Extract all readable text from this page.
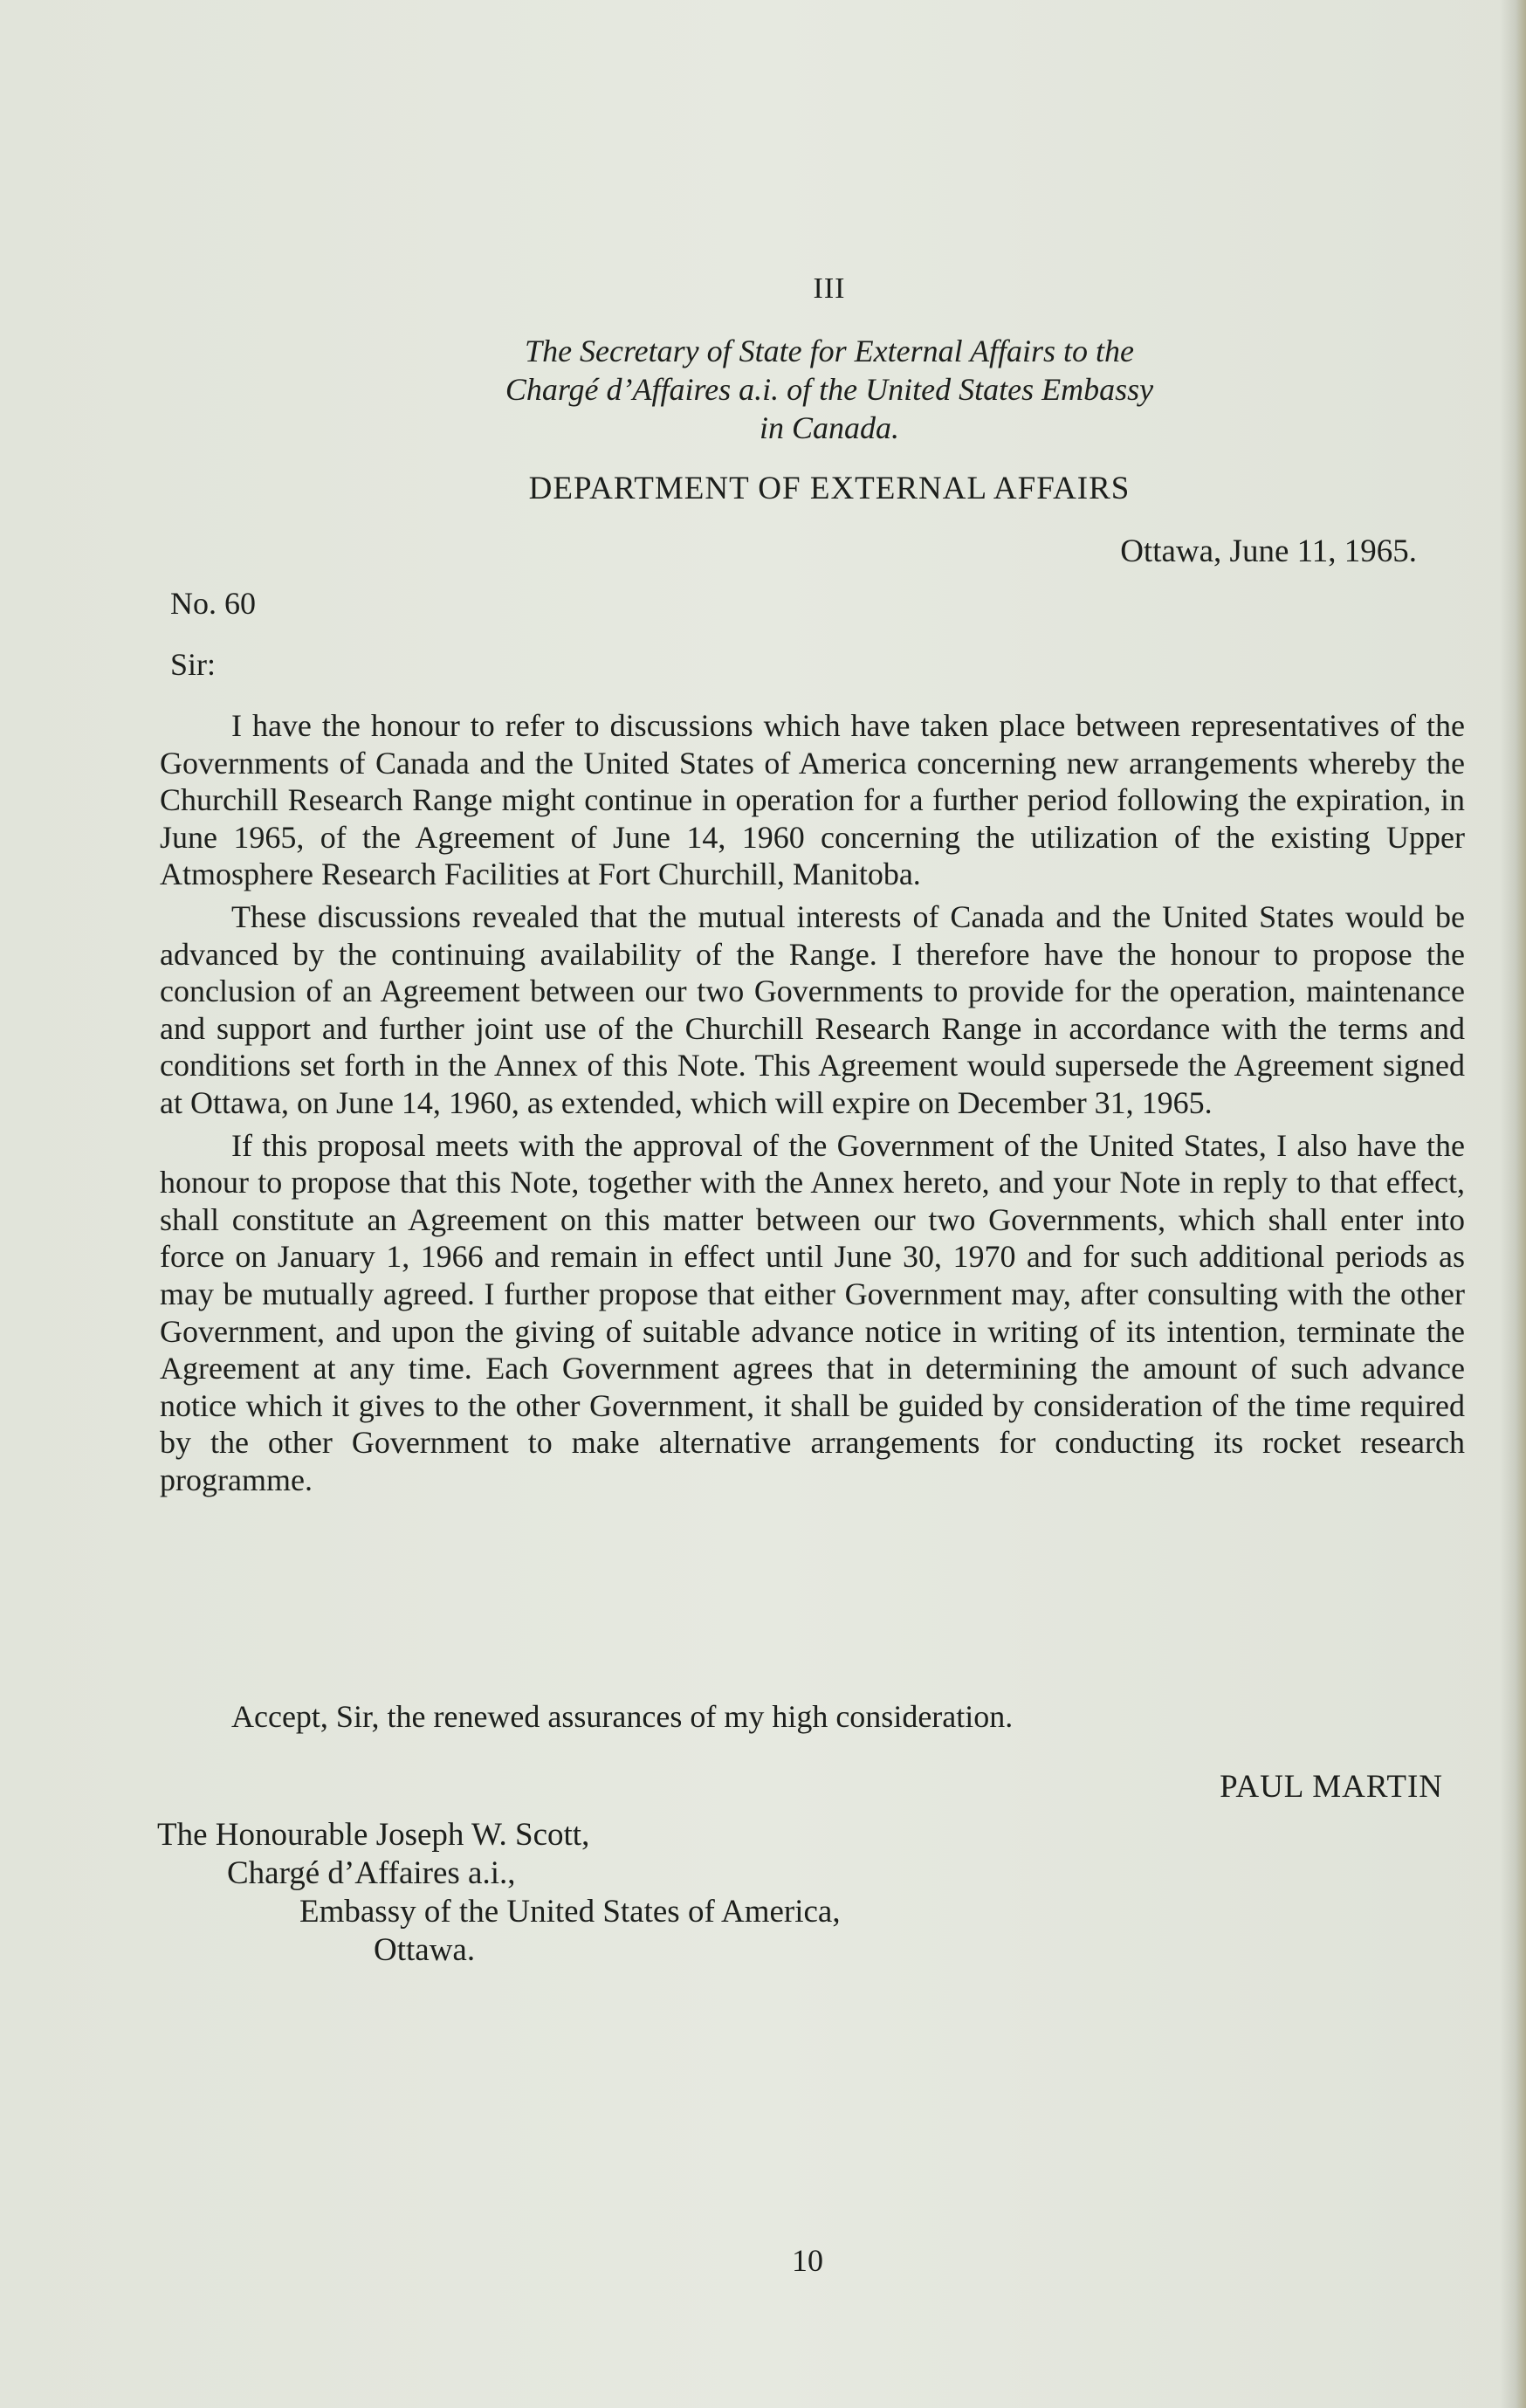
III
The Secretary of State for External Affairs to the
Chargé d’Affaires a.i. of the United States Embassy
in Canada.
DEPARTMENT OF EXTERNAL AFFAIRS
Ottawa, June 11, 1965.
No. 60
Sir:

I have the honour to refer to discussions which have taken place between representatives of the Governments of Canada and the United States of America concerning new arrangements whereby the Churchill Research Range might continue in operation for a further period following the expiration, in June 1965, of the Agreement of June 14, 1960 concerning the utilization of the existing Upper Atmosphere Research Facilities at Fort Churchill, Manitoba.

These discussions revealed that the mutual interests of Canada and the United States would be advanced by the continuing availability of the Range. I therefore have the honour to propose the conclusion of an Agreement between our two Governments to provide for the operation, maintenance and support and further joint use of the Churchill Research Range in accordance with the terms and conditions set forth in the Annex of this Note. This Agreement would supersede the Agreement signed at Ottawa, on June 14, 1960, as extended, which will expire on December 31, 1965.

If this proposal meets with the approval of the Government of the United States, I also have the honour to propose that this Note, together with the Annex hereto, and your Note in reply to that effect, shall constitute an Agreement on this matter between our two Governments, which shall enter into force on January 1, 1966 and remain in effect until June 30, 1970 and for such additional periods as may be mutually agreed. I further propose that either Government may, after consulting with the other Government, and upon the giving of suitable advance notice in writing of its intention, terminate the Agreement at any time. Each Government agrees that in determining the amount of such advance notice which it gives to the other Government, it shall be guided by consideration of the time required by the other Government to make alternative arrangements for conducting its rocket research programme.

Accept, Sir, the renewed assurances of my high consideration.
PAUL MARTIN
The Honourable Joseph W. Scott,
Chargé d’Affaires a.i.,
Embassy of the United States of America,
Ottawa.
10
